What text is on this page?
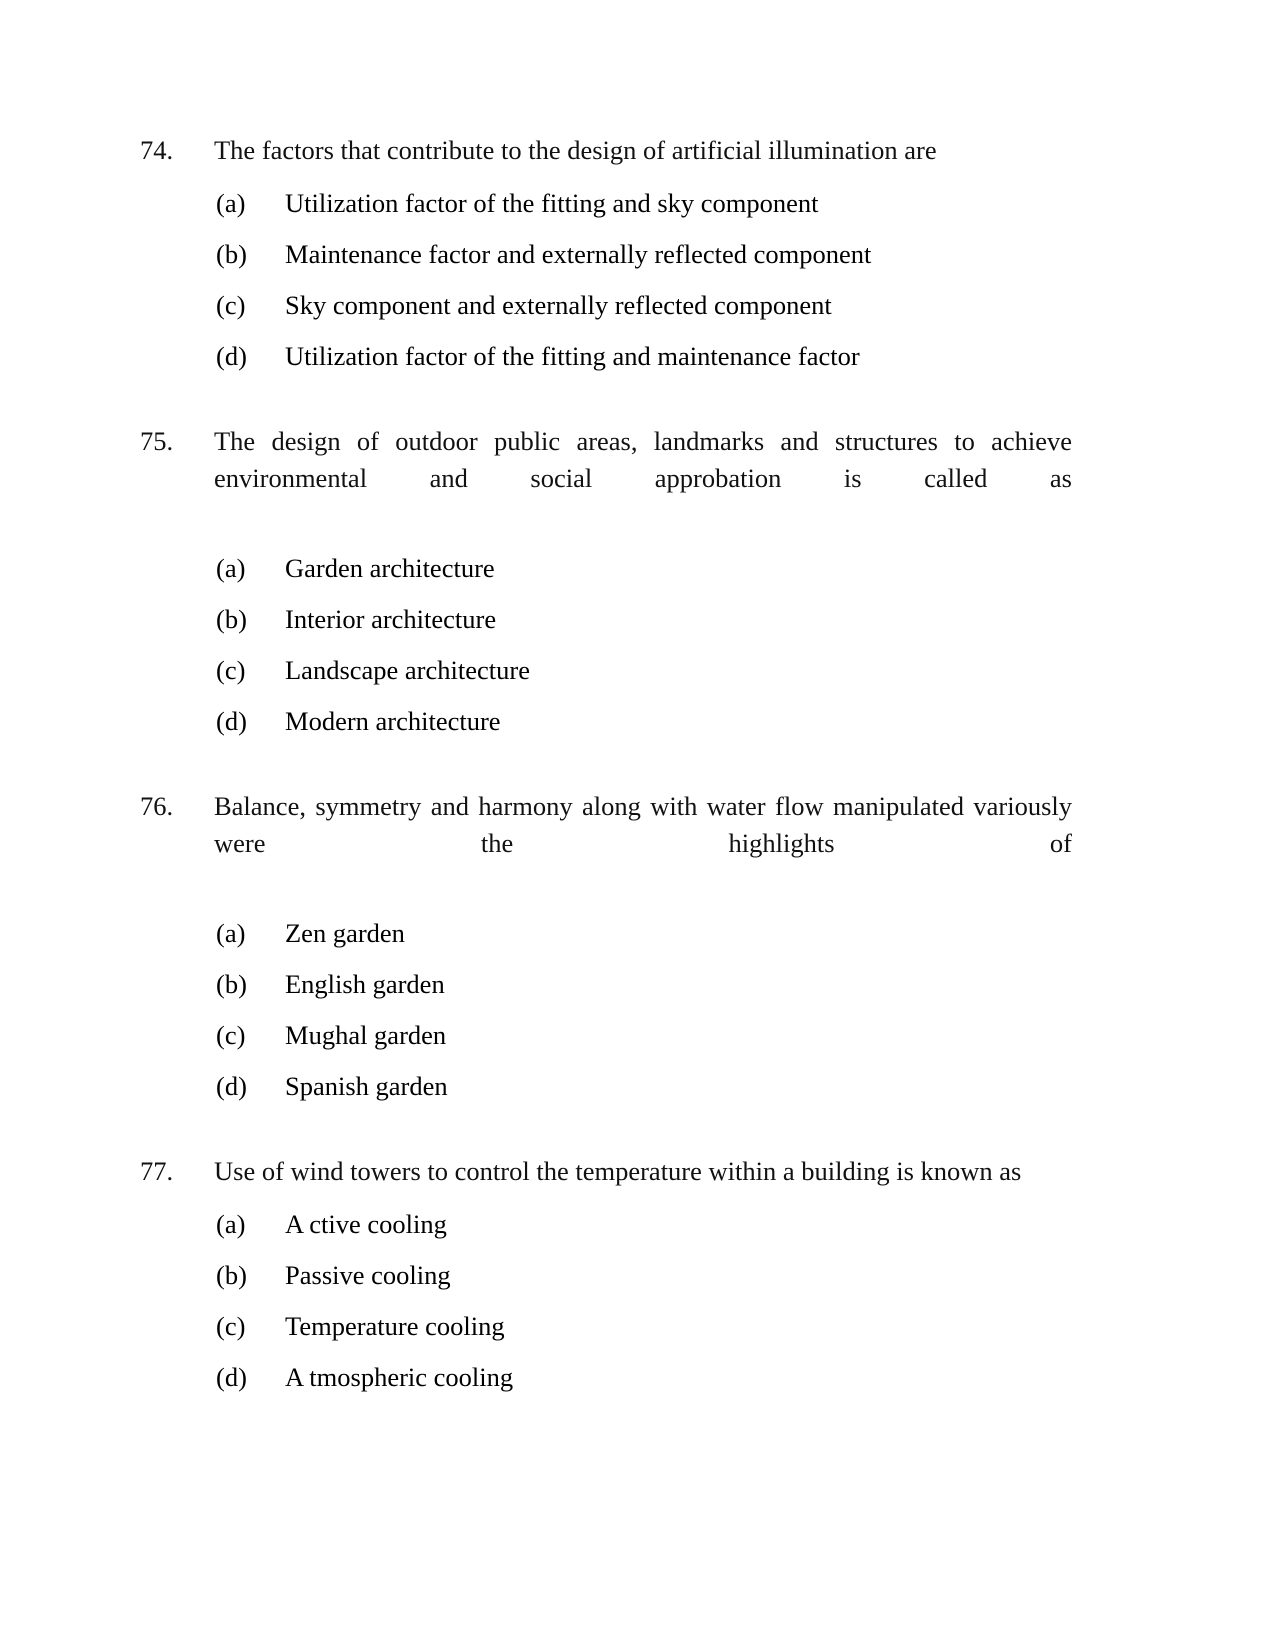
74.	The factors that contribute to the design of artificial illumination are
(a)	Utilization factor of the fitting and sky component
(b)	Maintenance factor and externally reflected component
(c)	Sky component and externally reflected component
(d)	Utilization factor of the fitting and maintenance factor
75.	The design of outdoor public areas, landmarks and structures to achieve environmental and social approbation is called as
(a)	Garden architecture
(b)	Interior architecture
(c)	Landscape architecture
(d)	Modern architecture
76.	Balance, symmetry and harmony along with water flow manipulated variously were the highlights of
(a)	Zen garden
(b)	English garden
(c)	Mughal garden
(d)	Spanish garden
77.	Use of wind towers to control the temperature within a building is known as
(a)	A ctive cooling
(b)	Passive cooling
(c)	Temperature cooling
(d)	A tmospheric cooling
